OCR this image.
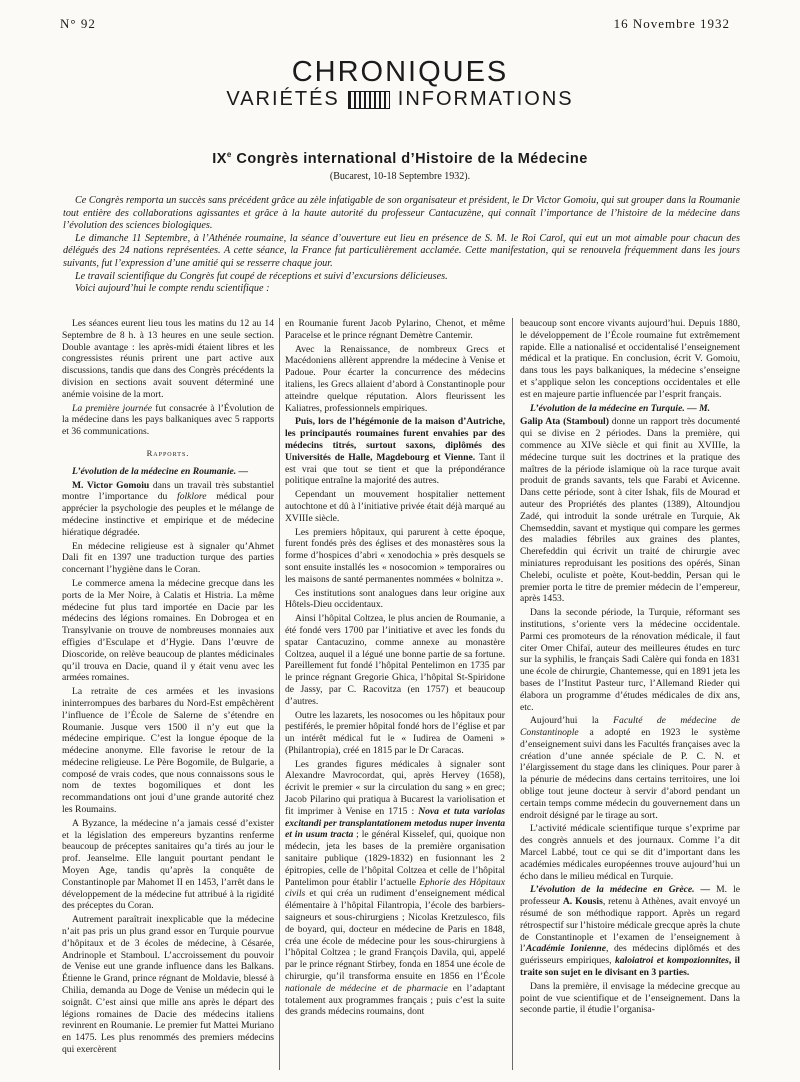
N° 92	16 Novembre 1932
CHRONIQUES
VARIÉTÉS	INFORMATIONS
IXe Congrès international d’Histoire de la Médecine
(Bucarest, 10-18 Septembre 1932).

Ce Congrès remporta un succès sans précédent grâce au zèle infatigable de son organisateur et président, le Dr Victor Gomoiu, qui sut grouper dans la Roumanie tout entière des collaborations agissantes et grâce à la haute autorité du professeur Cantacuzène, qui connaît l’importance de l’histoire de la médecine dans l’évolution des sciences biologiques.

Le dimanche 11 Septembre, à l’Athénée roumaine, la séance d’ouverture eut lieu en présence de S. M. le Roi Carol, qui eut un mot aimable pour chacun des délégués des 24 nations représentées. A cette séance, la France fut particulièrement acclamée. Cette manifestation, qui se renouvela fréquemment dans les jours suivants, fut l’expression d’une amitié qui se resserre chaque jour.

Le travail scientifique du Congrès fut coupé de réceptions et suivi d’excursions délicieuses.

Voici aujourd’hui le compte rendu scientifique :

Les séances eurent lieu tous les matins du 12 au 14 Septembre de 8 h. à 13 heures en une seule section. Double avantage : les après-midi étaient libres et les congressistes réunis prirent une part active aux discussions, tandis que dans des Congrès précédents la division en sections avait souvent déterminé une anémie voisine de la mort.

La première journée fut consacrée à l’Évolution de la médecine dans les pays balkaniques avec 5 rapports et 36 communications.

Rapports.

L’évolution de la médecine en Roumanie. —

M. Victor Gomoiu dans un travail très substantiel montre l’importance du folklore médical pour apprécier la psychologie des peuples et le mélange de médecine instinctive et empirique et de médecine hiératique dégradée.

En médecine religieuse est à signaler qu’Ahmet Dali fit en 1397 une traduction turque des parties concernant l’hygiène dans le Coran.

Le commerce amena la médecine grecque dans les ports de la Mer Noire, à Calatis et Histria. La même médecine fut plus tard importée en Dacie par les médecins des légions romaines. En Dobrogea et en Transylvanie on trouve de nombreuses monnaies aux effigies d’Esculape et d’Hygie. Dans l’œuvre de Dioscoride, on relève beaucoup de plantes médicinales qu’il trouva en Dacie, quand il y était venu avec les armées romaines.

La retraite de ces armées et les invasions ininterrompues des barbares du Nord-Est empêchèrent l’influence de l’École de Salerne de s’étendre en Roumanie. Jusque vers 1500 il n’y eut que la médecine empirique. C’est la longue époque de la médecine anonyme. Elle favorise le retour de la médecine religieuse. Le Père Bogomile, de Bulgarie, a composé de vrais codes, que nous connaissons sous le nom de textes bogomiliques et dont les recommandations ont joui d’une grande autorité chez les Roumains.

A Byzance, la médecine n’a jamais cessé d’exister et la législation des empereurs byzantins renferme beaucoup de préceptes sanitaires qu’a tirés au jour le prof. Jeanselme. Elle languit pourtant pendant le Moyen Age, tandis qu’après la conquête de Constantinople par Mahomet II en 1453, l’arrêt dans le développement de la médecine fut attribué à la rigidité des préceptes du Coran.

Autrement paraîtrait inexplicable que la médecine n’ait pas pris un plus grand essor en Turquie pourvue d’hôpitaux et de 3 écoles de médecine, à Césarée, Andrinople et Stamboul. L’accroissement du pouvoir de Venise eut une grande influence dans les Balkans. Étienne le Grand, prince régnant de Moldavie, blessé à Chilia, demanda au Doge de Venise un médecin qui le soignât. C’est ainsi que mille ans après le départ des légions romaines de Dacie des médecins italiens revinrent en Roumanie. Le premier fut Mattei Muriano en 1475. Les plus renommés des premiers médecins qui exercèrent

en Roumanie furent Jacob Pylarino, Chenot, et même Paracelse et le prince régnant Demètre Cantemir.

Avec la Renaissance, de nombreux Grecs et Macédoniens allèrent apprendre la médecine à Venise et Padoue. Pour écarter la concurrence des médecins italiens, les Grecs allaient d’abord à Constantinople pour atteindre quelque réputation. Alors fleurissent les Kaliatres, professionnels empiriques.

Puis, lors de l’hégémonie de la maison d’Autriche, les principautés roumaines furent envahies par des médecins titrés, surtout saxons, diplômés des Universités de Halle, Magdebourg et Vienne. Tant il est vrai que tout se tient et que la prépondérance politique entraîne la majorité des autres.

Cependant un mouvement hospitalier nettement autochtone et dû à l’initiative privée était déjà marqué au XVIIIe siècle.

Les premiers hôpitaux, qui parurent à cette époque, furent fondés près des églises et des monastères sous la forme d’hospices d’abri « xenodochia » près desquels se sont ensuite installés les « nosocomion » temporaires ou les maisons de santé permanentes nommées « bolnitza ».

Ces institutions sont analogues dans leur origine aux Hôtels-Dieu occidentaux.

Ainsi l’hôpital Coltzea, le plus ancien de Roumanie, a été fondé vers 1700 par l’initiative et avec les fonds du spatar Cantacuzino, comme annexe au monastère Coltzea, auquel il a légué une bonne partie de sa fortune. Pareillement fut fondé l’hôpital Pentelimon en 1735 par le prince régnant Gregorie Ghica, l’hôpital St-Spiridone de Jassy, par C. Racovitza (en 1757) et beaucoup d’autres.

Outre les lazarets, les nosocomes ou les hôpitaux pour pestiférés, le premier hôpital fondé hors de l’église et par un intérêt médical fut le « Iudirea de Oameni » (Philantropia), créé en 1815 par le Dr Caracas.

Les grandes figures médicales à signaler sont Alexandre Mavrocordat, qui, après Hervey (1658), écrivit le premier « sur la circulation du sang » en grec; Jacob Pilarino qui pratiqua à Bucarest la variolisation et fit imprimer à Venise en 1715 : Nova et tuta variolas excitandi per transplantationem metodus nuper inventa et in usum tracta ; le général Kisselef, qui, quoique non médecin, jeta les bases de la première organisation sanitaire publique (1829-1832) en fusionnant les 2 épitropies, celle de l’hôpital Coltzea et celle de l’hôpital Pantelimon pour établir l’actuelle Ephorie des Hôpitaux civils et qui créa un rudiment d’enseignement médical élémentaire à l’hôpital Filantropia, l’école des barbiers-saigneurs et sous-chirurgiens ; Nicolas Kretzulesco, fils de boyard, qui, docteur en médecine de Paris en 1848, créa une école de médecine pour les sous-chirurgiens à l’hôpital Coltzea ; le grand François Davila, qui, appelé par le prince régnant Stirbey, fonda en 1854 une école de chirurgie, qu’il transforma ensuite en 1856 en l’École nationale de médecine et de pharmacie en l’adaptant totalement aux programmes français ; puis c’est la suite des grands médecins roumains, dont

beaucoup sont encore vivants aujourd’hui. Depuis 1880, le développement de l’École roumaine fut extrêmement rapide. Elle a nationalisé et occidentalisé l’enseignement médical et la pratique. En conclusion, écrit V. Gomoiu, dans tous les pays balkaniques, la médecine s’enseigne et s’applique selon les conceptions occidentales et elle est en majeure partie influencée par l’esprit français.

L’évolution de la médecine en Turquie. — M.

Galip Ata (Stamboul) donne un rapport très documenté qui se divise en 2 périodes. Dans la première, qui commence au XIVe siècle et qui finit au XVIIIe, la médecine turque suit les doctrines et la pratique des maîtres de la période islamique où la race turque avait produit de grands savants, tels que Farabi et Avicenne. Dans cette période, sont à citer Ishak, fils de Mourad et auteur des Propriétés des plantes (1389), Altoundjou Zadé, qui introduit la sonde urétrale en Turquie, Ak Chemseddin, savant et mystique qui compare les germes des maladies fébriles aux graines des plantes, Cherefeddin qui écrivit un traité de chirurgie avec miniatures reproduisant les positions des opérés, Sinan Chelebi, oculiste et poète, Kout-beddin, Persan qui le premier porta le titre de premier médecin de l’empereur, après 1453.

Dans la seconde période, la Turquie, réformant ses institutions, s’oriente vers la médecine occidentale. Parmi ces promoteurs de la rénovation médicale, il faut citer Omer Chifaï, auteur des meilleures études en turc sur la syphilis, le français Sadi Calère qui fonda en 1831 une école de chirurgie, Chantemesse, qui en 1891 jeta les bases de l’Institut Pasteur turc, l’Allemand Rieder qui élabora un programme d’études médicales de dix ans, etc.

Aujourd’hui la Faculté de médecine de Constantinople a adopté en 1923 le système d’enseignement suivi dans les Facultés françaises avec la création d’une année spéciale de P. C. N. et l’élargissement du stage dans les cliniques. Pour parer à la pénurie de médecins dans certains territoires, une loi oblige tout jeune docteur à servir d’abord pendant un certain temps comme médecin du gouvernement dans un endroit désigné par le tirage au sort.

L’activité médicale scientifique turque s’exprime par des congrès annuels et des journaux. Comme l’a dit Marcel Labbé, tout ce qui se dit d’important dans les académies médicales européennes trouve aujourd’hui un écho dans le milieu médical en Turquie.

L’évolution de la médecine en Grèce. — M. le professeur A. Kousis, retenu à Athènes, avait envoyé un résumé de son méthodique rapport. Après un regard rétrospectif sur l’histoire médicale grecque après la chute de Constantinople et l’examen de l’enseignement à l’Académie Ionienne, des médecins diplômés et des guérisseurs empiriques, kaloiatroi et kompozionnites, il traite son sujet en le divisant en 3 parties.

Dans la première, il envisage la médecine grecque au point de vue scientifique et de l’enseignement. Dans la seconde partie, il étudie l’organisa-
